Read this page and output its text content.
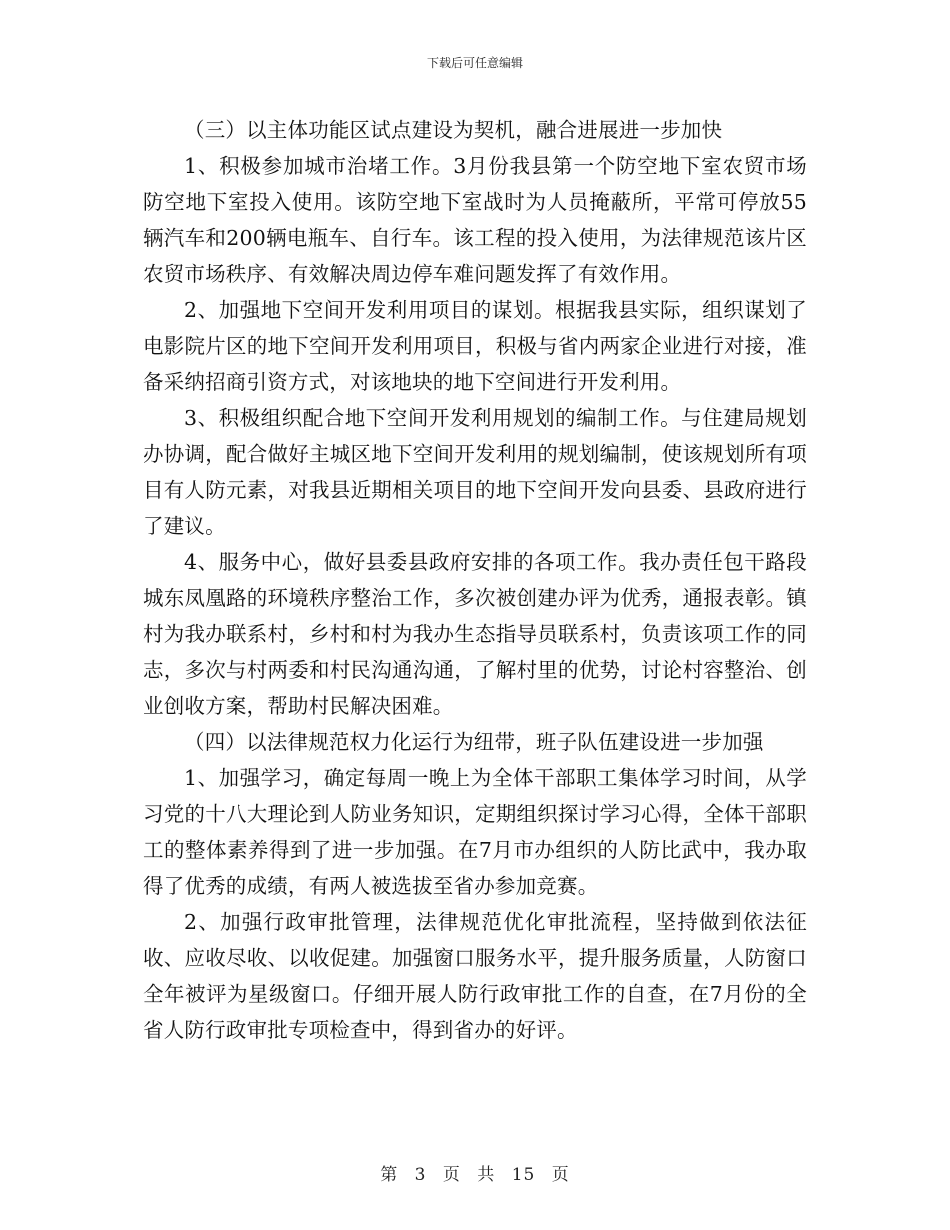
下载后可任意编辑

（三）以主体功能区试点建设为契机，融合进展进一步加快

1、积极参加城市治堵工作。3月份我县第一个防空地下室农贸市场防空地下室投入使用。该防空地下室战时为人员掩蔽所，平常可停放55辆汽车和200辆电瓶车、自行车。该工程的投入使用，为法律规范该片区农贸市场秩序、有效解决周边停车难问题发挥了有效作用。

2、加强地下空间开发利用项目的谋划。根据我县实际，组织谋划了电影院片区的地下空间开发利用项目，积极与省内两家企业进行对接，准备采纳招商引资方式，对该地块的地下空间进行开发利用。

3、积极组织配合地下空间开发利用规划的编制工作。与住建局规划办协调，配合做好主城区地下空间开发利用的规划编制，使该规划所有项目有人防元素，对我县近期相关项目的地下空间开发向县委、县政府进行了建议。

4、服务中心，做好县委县政府安排的各项工作。我办责任包干路段城东凤凰路的环境秩序整治工作，多次被创建办评为优秀，通报表彰。镇村为我办联系村，乡村和村为我办生态指导员联系村，负责该项工作的同志，多次与村两委和村民沟通沟通，了解村里的优势，讨论村容整治、创业创收方案，帮助村民解决困难。

（四）以法律规范权力化运行为纽带，班子队伍建设进一步加强

1、加强学习，确定每周一晚上为全体干部职工集体学习时间，从学习党的十八大理论到人防业务知识，定期组织探讨学习心得，全体干部职工的整体素养得到了进一步加强。在7月市办组织的人防比武中，我办取得了优秀的成绩，有两人被选拔至省办参加竞赛。

2、加强行政审批管理，法律规范优化审批流程，坚持做到依法征收、应收尽收、以收促建。加强窗口服务水平，提升服务质量，人防窗口全年被评为星级窗口。仔细开展人防行政审批工作的自查，在7月份的全省人防行政审批专项检查中，得到省办的好评。

第 3 页 共 15 页
